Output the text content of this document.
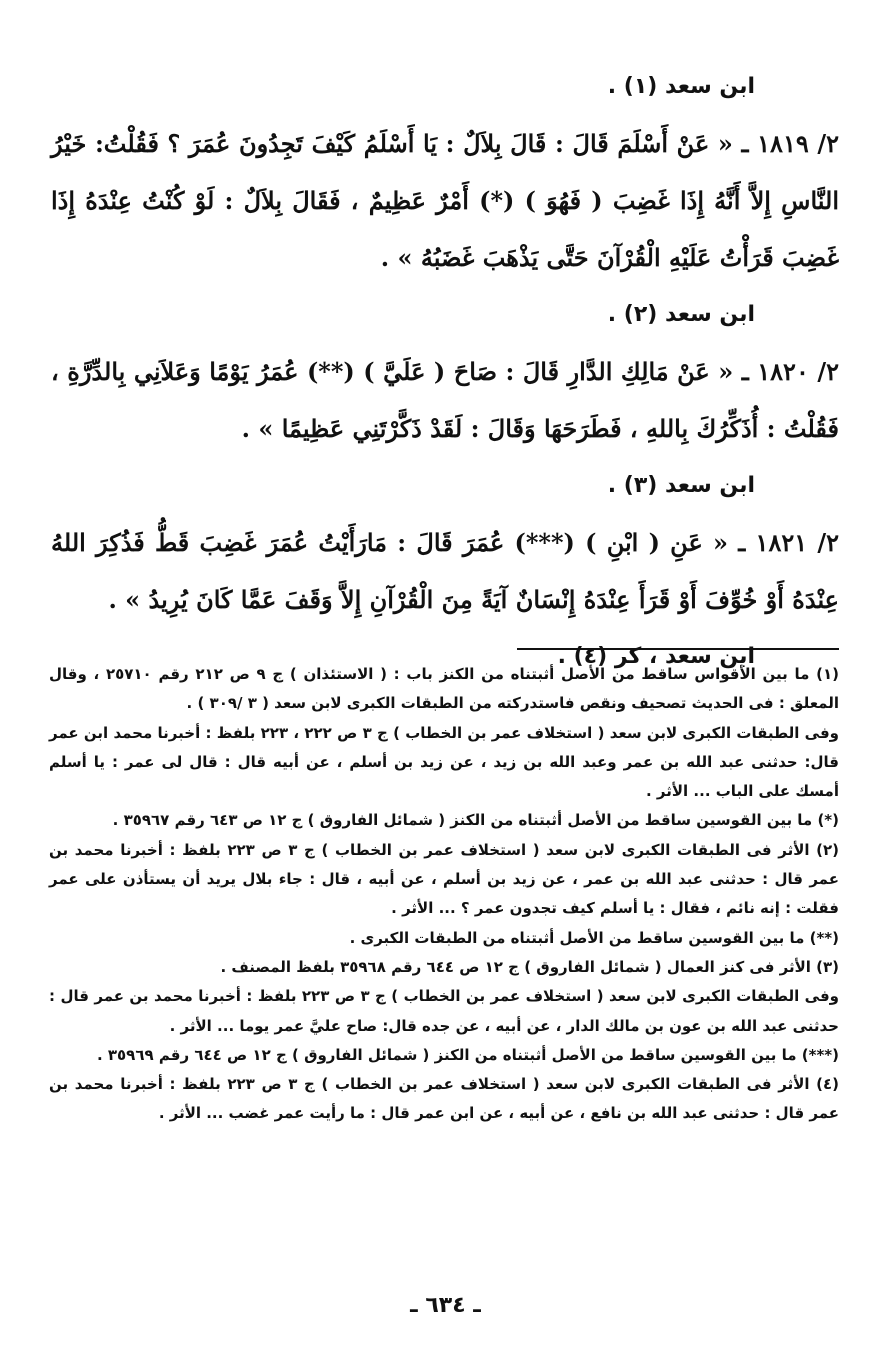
ابن سعد (١) .

٢/ ١٨١٩ ـ « عَنْ أَسْلَمَ قَالَ : قَالَ بِلاَلٌ : يَا أَسْلَمُ كَيْفَ تَجِدُونَ عُمَرَ ؟ فَقُلْتُ: خَيْرُ النَّاسِ إِلاَّ أَنَّهُ إِذَا غَضِبَ ( فَهُوَ ) (*) أَمْرٌ عَظِيمٌ ، فَقَالَ بِلاَلٌ : لَوْ كُنْتُ عِنْدَهُ إِذَا غَضِبَ قَرَأْتُ عَلَيْهِ الْقُرْآنَ حَتَّى يَذْهَبَ غَضَبُهُ » .

ابن سعد (٢) .

٢/ ١٨٢٠ ـ « عَنْ مَالِكِ الدَّارِ قَالَ : صَاحَ ( عَلَيَّ ) (**) عُمَرُ يَوْمًا وَعَلاَنِي بِالدِّرَّةِ ، فَقُلْتُ : أُذَكِّرُكَ بِاللهِ ، فَطَرَحَهَا وَقَالَ : لَقَدْ ذَكَّرْتَنِي عَظِيمًا » .

ابن سعد (٣) .

٢/ ١٨٢١ ـ « عَنِ ( ابْنِ ) (***) عُمَرَ قَالَ : مَارَأَيْتُ عُمَرَ غَضِبَ قَطُّ فَذُكِرَ اللهُ عِنْدَهُ أَوْ خُوِّفَ أَوْ قَرَأَ عِنْدَهُ إِنْسَانٌ آيَةً مِنَ الْقُرْآنِ إِلاَّ وَقَفَ عَمَّا كَانَ يُرِيدُ » .

ابن سعد ، كر (٤) .

(١) ما بين الأقواس ساقط من الأصل أثبتناه من الكنز باب : ( الاستئذان ) ج ٩ ص ٢١٢ رقم ٢٥٧١٠ ، وقال المعلق : فى الحديث تصحيف ونقص فاستدركته من الطبقات الكبرى لابن سعد ( ٣ /٣٠٩ ) .

وفى الطبقات الكبرى لابن سعد ( استخلاف عمر بن الخطاب ) ج ٣ ص ٢٢٢ ، ٢٢٣ بلفظ : أخبرنا محمد ابن عمر قال: حدثنى عبد الله بن عمر وعبد الله بن زيد ، عن زيد بن أسلم ، عن أبيه قال : قال لى عمر : يا أسلم أمسك على الباب ... الأثر .

(*) ما بين القوسين ساقط من الأصل أثبتناه من الكنز ( شمائل الفاروق ) ج ١٢ ص ٦٤٣ رقم ٣٥٩٦٧ .

(٢) الأثر فى الطبقات الكبرى لابن سعد ( استخلاف عمر بن الخطاب ) ج ٣ ص ٢٢٣ بلفظ : أخبرنا محمد بن عمر قال : حدثنى عبد الله بن عمر ، عن زيد بن أسلم ، عن أبيه ، قال : جاء بلال يريد أن يستأذن على عمر فقلت : إنه نائم ، فقال : يا أسلم كيف تجدون عمر ؟ ... الأثر .

(**) ما بين القوسين ساقط من الأصل أثبتناه من الطبقات الكبرى .

(٣) الأثر فى كنز العمال ( شمائل الفاروق ) ج ١٢ ص ٦٤٤ رقم ٣٥٩٦٨ بلفظ المصنف .

وفى الطبقات الكبرى لابن سعد ( استخلاف عمر بن الخطاب ) ج ٣ ص ٢٢٣ بلفظ : أخبرنا محمد بن عمر قال : حدثنى عبد الله بن عون بن مالك الدار ، عن أبيه ، عن جده قال: صاح عليَّ عمر يوما ... الأثر .

(***) ما بين القوسين ساقط من الأصل أثبتناه من الكنز ( شمائل الفاروق ) ج ١٢ ص ٦٤٤ رقم ٣٥٩٦٩ .

(٤) الأثر فى الطبقات الكبرى لابن سعد ( استخلاف عمر بن الخطاب ) ج ٣ ص ٢٢٣ بلفظ : أخبرنا محمد بن عمر قال : حدثنى عبد الله بن نافع ، عن أبيه ، عن ابن عمر قال : ما رأيت عمر غضب ... الأثر .

ـ ٦٣٤ ـ
